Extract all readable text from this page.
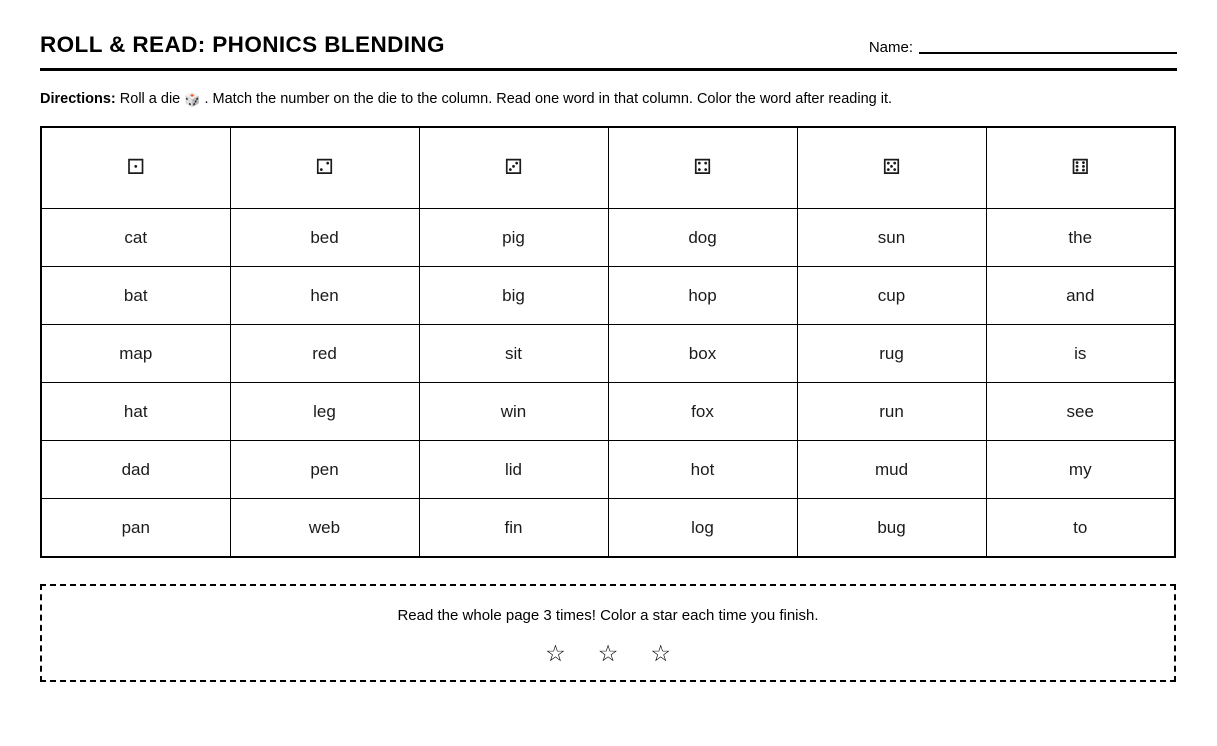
ROLL & READ: PHONICS BLENDING	Name:
Directions: Roll a die 🎲 . Match the number on the die to the column. Read one word in that column. Color the word after reading it.
⚀	⚁	⚂	⚃	⚄	⚅
cat	bed	pig	dog	sun	the
bat	hen	big	hop	cup	and
map	red	sit	box	rug	is
hat	leg	win	fox	run	see
dad	pen	lid	hot	mud	my
pan	web	fin	log	bug	to
Read the whole page 3 times! Color a star each time you finish.
☆ ☆ ☆
